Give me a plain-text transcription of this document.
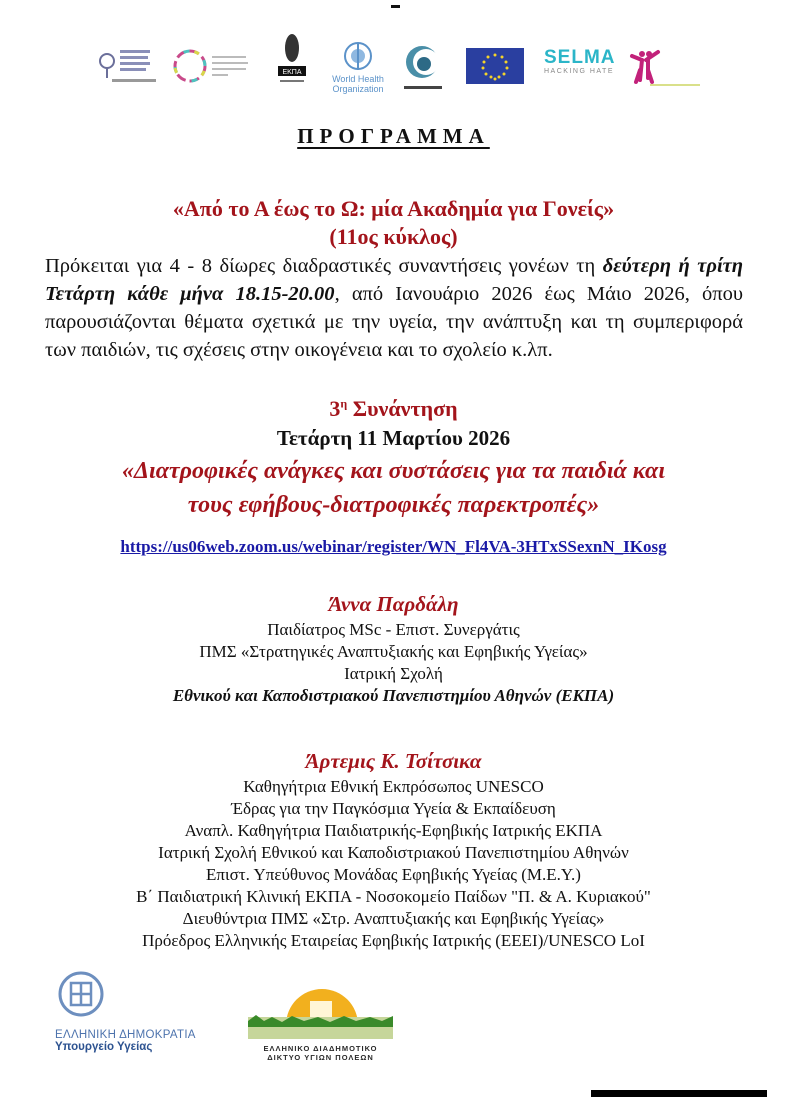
ΕΚΠΑ
World Health
Organization
SELMA
HACKING HATE
ΠΡΟΓΡΑΜΜΑ
«Από το Α έως το Ω: μία Ακαδημία για Γονείς»
(11ος κύκλος)
Πρόκειται για 4 - 8 δίωρες διαδραστικές συναντήσεις γονέων τη δεύτερη ή τρίτη Τετάρτη κάθε μήνα 18.15-20.00, από Ιανουάριο 2026 έως Μάιο 2026, όπου παρουσιάζονται θέματα σχετικά με την υγεία, την ανάπτυξη και τη συμπεριφορά των παιδιών, τις σχέσεις στην οικογένεια και το σχολείο κ.λπ.
$3^\eta$ Συνάντηση
Τετάρτη 11 Μαρτίου 2026
«Διατροφικές ανάγκες και συστάσεις για τα παιδιά και
τους εφήβους-διατροφικές παρεκτροπές»
https://us06web.zoom.us/webinar/register/WN_Fl4VA-3HTxSSexnN_IKosg
Άννα Παρδάλη
Παιδίατρος MSc - Επιστ. Συνεργάτις
ΠΜΣ «Στρατηγικές Αναπτυξιακής και Εφηβικής Υγείας»
Ιατρική Σχολή
Εθνικού και Καποδιστριακού Πανεπιστημίου Αθηνών (ΕΚΠΑ)
Άρτεμις Κ. Τσίτσικα
Καθηγήτρια Εθνική Εκπρόσωπος UNESCO
Έδρας για την Παγκόσμια Υγεία & Εκπαίδευση
Αναπλ. Καθηγήτρια Παιδιατρικής-Εφηβικής Ιατρικής ΕΚΠΑ
Ιατρική Σχολή Εθνικού και Καποδιστριακού Πανεπιστημίου Αθηνών
Επιστ. Υπεύθυνος Μονάδας Εφηβικής Υγείας (Μ.Ε.Υ.)
Β΄ Παιδιατρική Κλινική ΕΚΠΑ - Νοσοκομείο Παίδων "Π. & Α. Κυριακού"
Διευθύντρια ΠΜΣ «Στρ. Αναπτυξιακής και Εφηβικής Υγείας»
Πρόεδρος Ελληνικής Εταιρείας Εφηβικής Ιατρικής (ΕΕΕΙ)/UNESCO LoI
ΕΛΛΗΝΙΚΗ ΔΗΜΟΚΡΑΤΙΑ
Υπουργείο Υγείας	ΕΛΛΗΝΙΚΟ ΔΙΑΔΗΜΟΤΙΚΟ
ΔΙΚΤΥΟ ΥΓΙΩΝ ΠΟΛΕΩΝ
